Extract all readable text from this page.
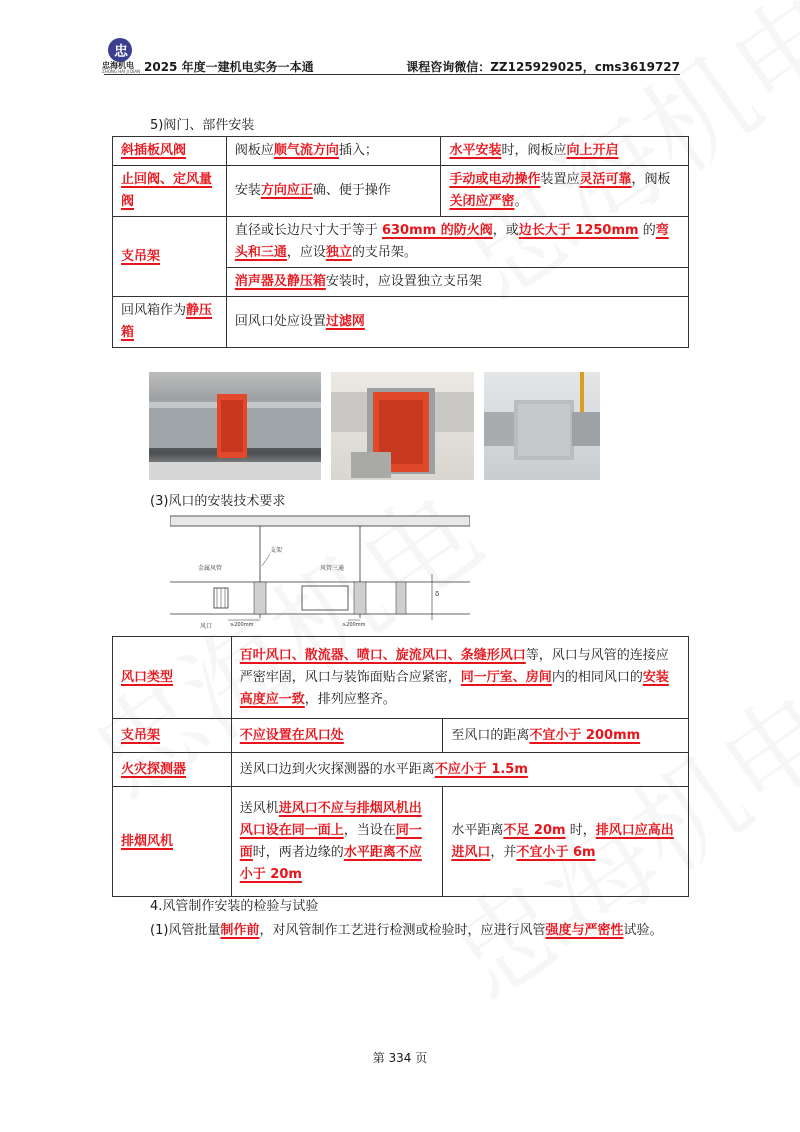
忠
忠海机电
ZHONG HAI JI DIAN 2025 年度一建机电实务一本通	课程咨询微信：ZZ125929025，cms3619727
5)阀门、部件安装
斜插板风阀	阀板应顺气流方向插入；	水平安装时，阀板应向上开启
止回阀、定风量阀	安装方向应正确、便于操作	手动或电动操作装置应灵活可靠，阀板关闭应严密。
支吊架	直径或长边尺寸大于等于 630mm 的防火阀，或边长大于 1250mm 的弯头和三通，应设独立的支吊架。	
	消声器及静压箱安装时，应设置独立支吊架	
回风箱作为静压箱	回风口处应设置过滤网	
(3)风口的安装技术要求
支架
金属风管	风管三通
δ
风口	≥200mm	≥200mm
风口类型	百叶风口、散流器、喷口、旋流风口、条缝形风口等，风口与风管的连接应严密牢固，风口与装饰面贴合应紧密，同一厅室、房间内的相同风口的安装高度应一致，排列应整齐。	
支吊架	不应设置在风口处	至风口的距离不宜小于 200mm
火灾探测器	送风口边到火灾探测器的水平距离不应小于 1.5m	
排烟风机	送风机进风口不应与排烟风机出风口设在同一面上，当设在同一面时，两者边缘的水平距离不应小于 20m	水平距离不足 20m 时，排风口应高出进风口，并不宜小于 6m
4.风管制作安装的检验与试验
(1)风管批量制作前，对风管制作工艺进行检测或检验时，应进行风管强度与严密性试验。
第 334 页
